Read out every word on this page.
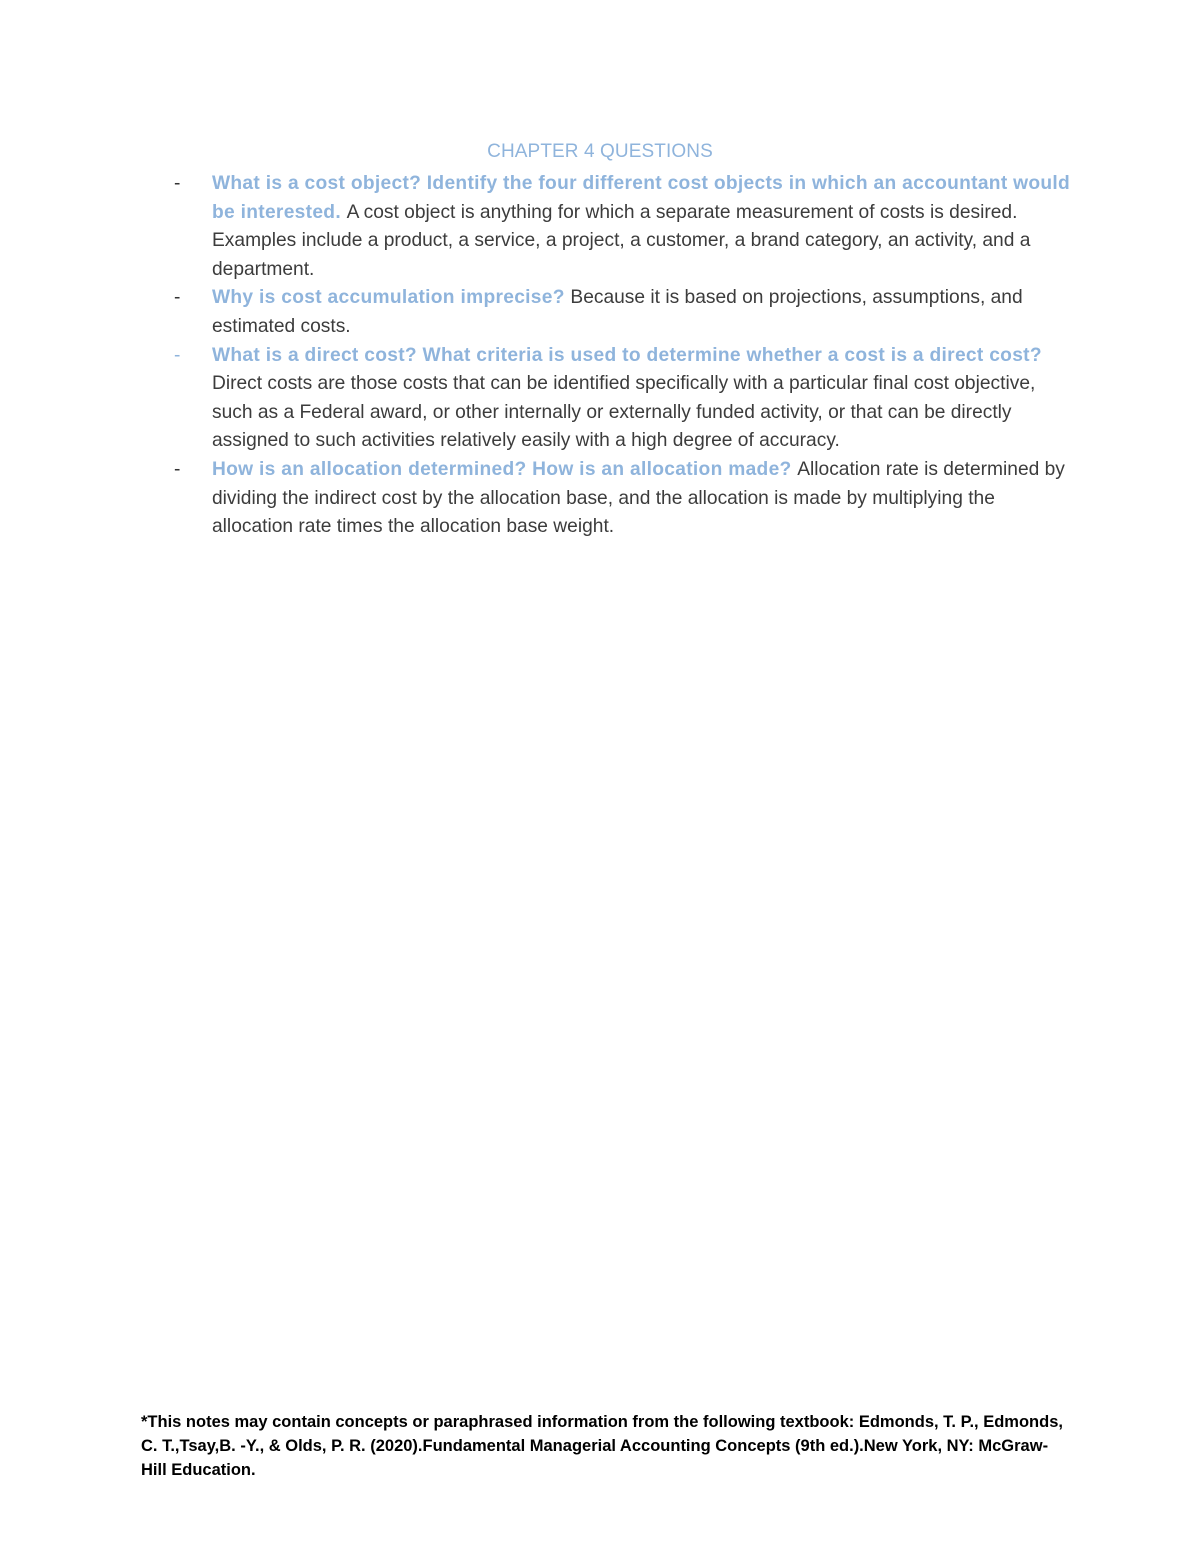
CHAPTER 4 QUESTIONS
- What is a cost object? Identify the four different cost objects in which an accountant would be interested. A cost object is anything for which a separate measurement of costs is desired. Examples include a product, a service, a project, a customer, a brand category, an activity, and a department.
- Why is cost accumulation imprecise? Because it is based on projections, assumptions, and estimated costs.
- What is a direct cost? What criteria is used to determine whether a cost is a direct cost? Direct costs are those costs that can be identified specifically with a particular final cost objective, such as a Federal award, or other internally or externally funded activity, or that can be directly assigned to such activities relatively easily with a high degree of accuracy.
- How is an allocation determined? How is an allocation made? Allocation rate is determined by dividing the indirect cost by the allocation base, and the allocation is made by multiplying the allocation rate times the allocation base weight.
*This notes may contain concepts or paraphrased information from the following textbook: Edmonds, T. P., Edmonds, C. T.,Tsay,B. -Y., & Olds, P. R. (2020).Fundamental Managerial Accounting Concepts (9th ed.).New York, NY: McGraw-Hill Education.
